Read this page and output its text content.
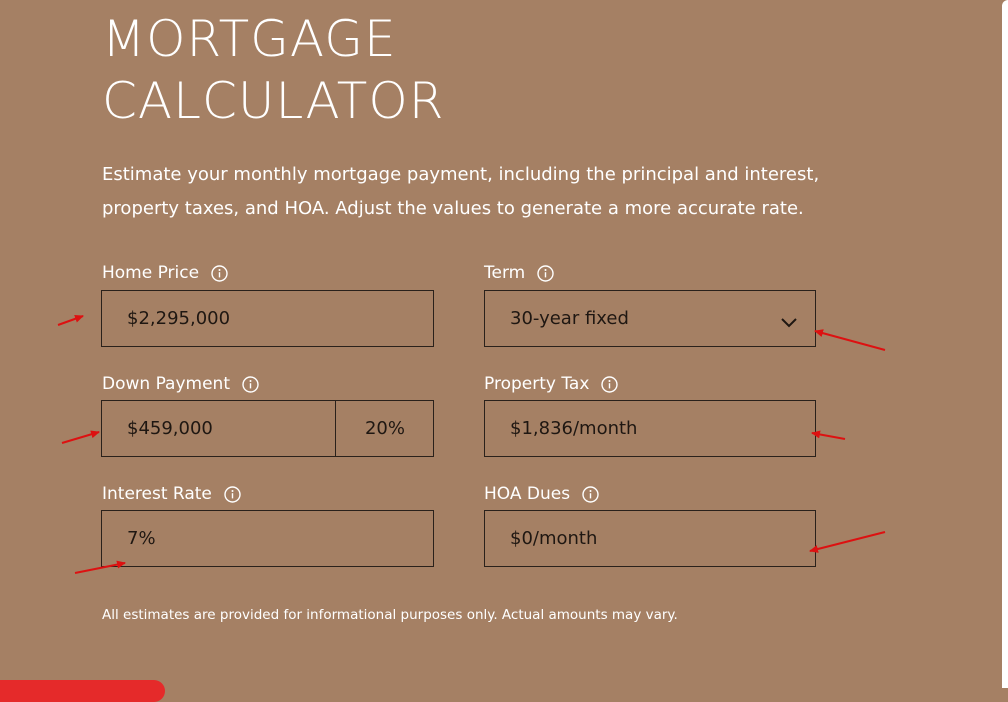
MORTGAGE
CALCULATOR

Estimate your monthly mortgage payment, including the principal and interest, property taxes, and HOA. Adjust the values to generate a more accurate rate.

Home Price
$2,295,000
Term
30-year fixed
Down Payment
$459,000	20%
Property Tax
$1,836/month
Interest Rate
7%
HOA Dues
$0/month

All estimates are provided for informational purposes only. Actual amounts may vary.
